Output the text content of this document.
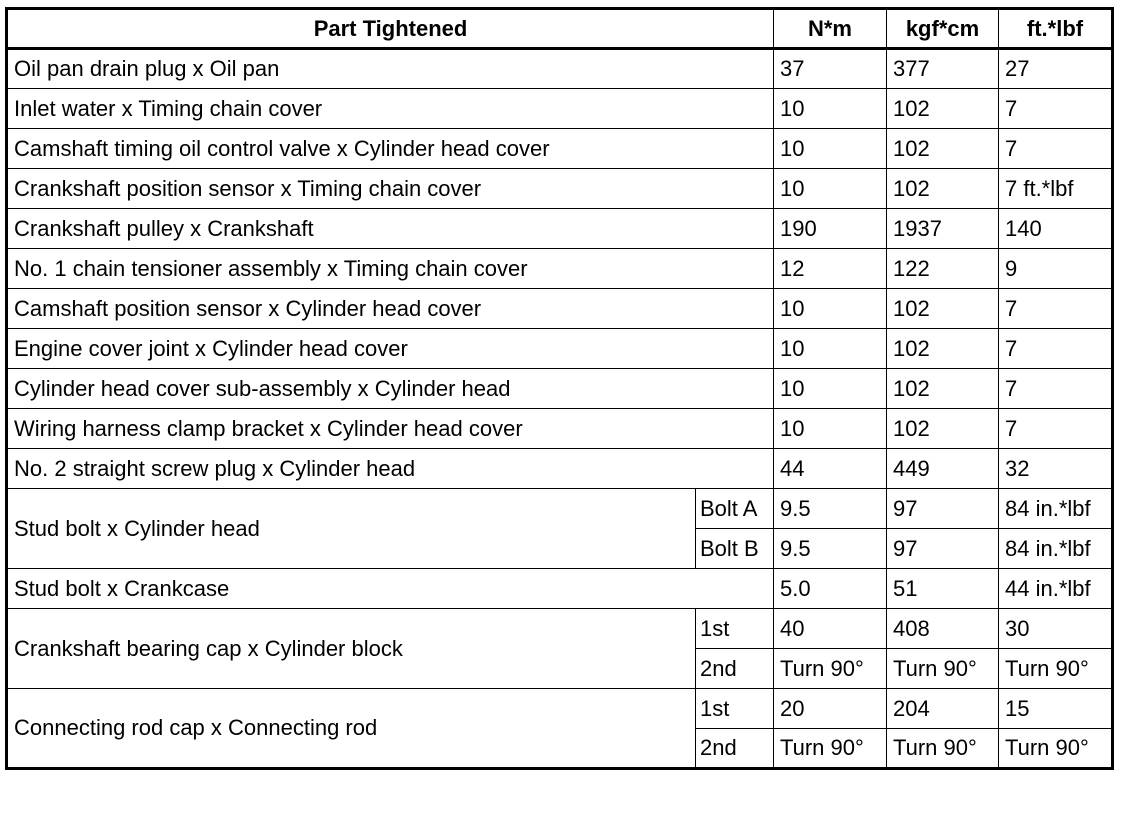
Part Tightened		N*m	kgf*cm	ft.*lbf
Oil pan drain plug x Oil pan		37	377	27
Inlet water x Timing chain cover		10	102	7
Camshaft timing oil control valve x Cylinder head cover		10	102	7
Crankshaft position sensor x Timing chain cover		10	102	7 ft.*lbf
Crankshaft pulley x Crankshaft		190	1937	140
No. 1 chain tensioner assembly x Timing chain cover		12	122	9
Camshaft position sensor x Cylinder head cover		10	102	7
Engine cover joint x Cylinder head cover		10	102	7
Cylinder head cover sub-assembly x Cylinder head		10	102	7
Wiring harness clamp bracket x Cylinder head cover		10	102	7
No. 2 straight screw plug x Cylinder head		44	449	32
Stud bolt x Cylinder head	Bolt A	9.5	97	84 in.*lbf
	Bolt B	9.5	97	84 in.*lbf
Stud bolt x Crankcase		5.0	51	44 in.*lbf
Crankshaft bearing cap x Cylinder block	1st	40	408	30
	2nd	Turn 90°	Turn 90°	Turn 90°
Connecting rod cap x Connecting rod	1st	20	204	15
	2nd	Turn 90°	Turn 90°	Turn 90°
